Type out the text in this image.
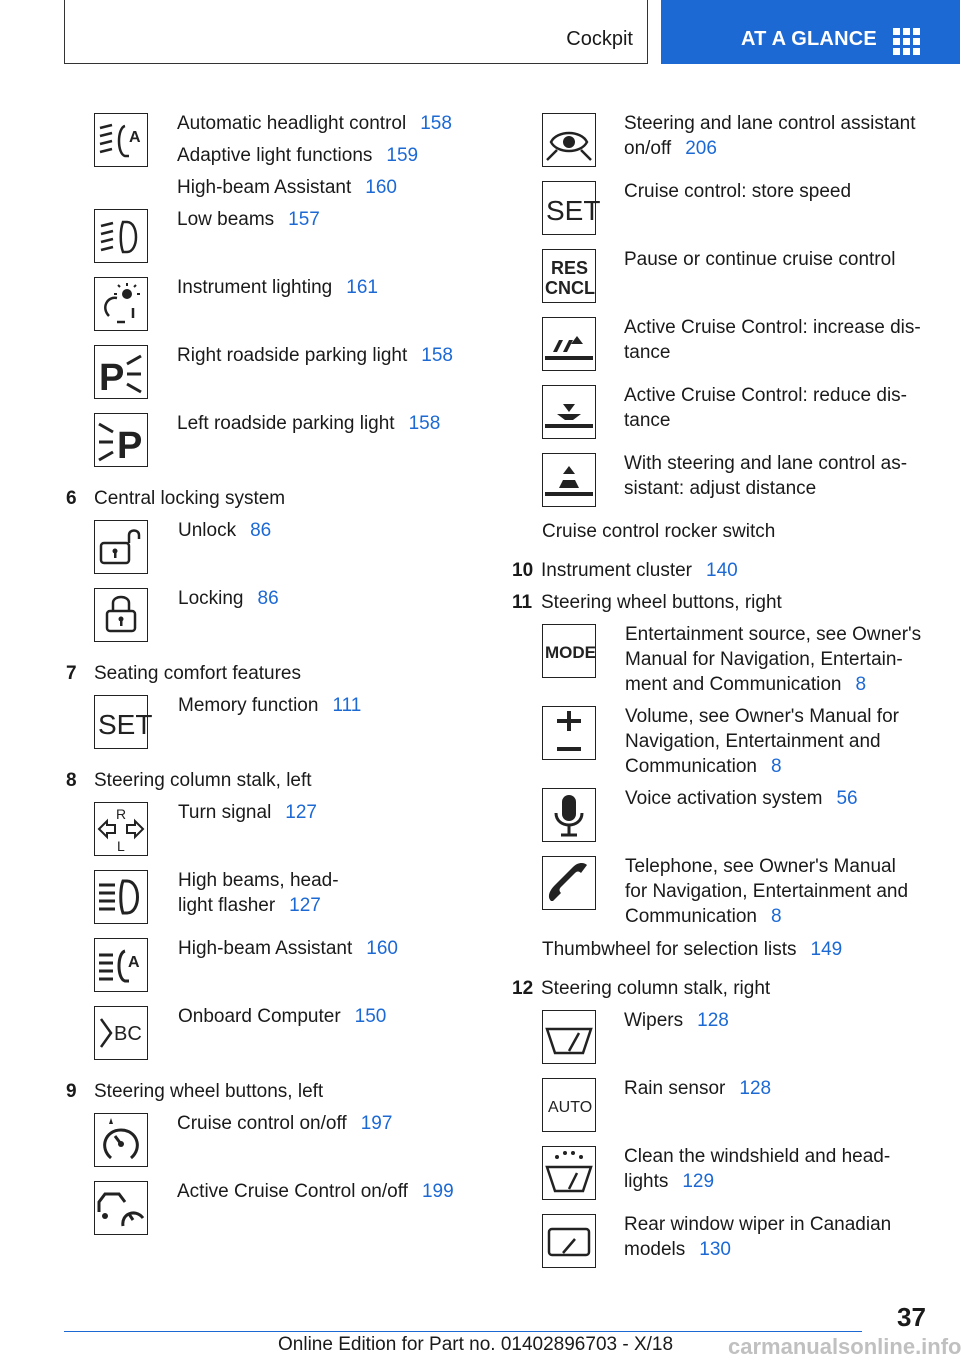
Cockpit	AT A GLANCE
A
Automatic headlight control 158
Adaptive light functions 159
High-beam Assistant 160
Low beams 157
Instrument lighting 161
P
Right roadside parking light 158
P
Left roadside parking light 158
6 Central locking system
Unlock 86
Locking 86
7 Seating comfort features
SET
Memory function 111
8 Steering column stalk, left
R
L
Turn signal 127
High beams, head-
light flasher 127
A
High-beam Assistant 160
BC
Onboard Computer 150
9 Steering wheel buttons, left
Cruise control on/off 197
Active Cruise Control on/off 199
Steering and lane control assistant
on/off 206
SET
Cruise control: store speed
RES
CNCL
Pause or continue cruise control
Active Cruise Control: increase dis-
tance
Active Cruise Control: reduce dis-
tance
With steering and lane control as-
sistant: adjust distance
Cruise control rocker switch
10 Instrument cluster 140
11 Steering wheel buttons, right
MODE
Entertainment source, see Owner's
Manual for Navigation, Entertain-
ment and Communication 8
Volume, see Owner's Manual for
Navigation, Entertainment and
Communication 8
Voice activation system 56
Telephone, see Owner's Manual
for Navigation, Entertainment and
Communication 8
Thumbwheel for selection lists 149
12 Steering column stalk, right
Wipers 128
AUTO
Rain sensor 128
Clean the windshield and head-
lights 129
Rear window wiper in Canadian
models 130
37
Online Edition for Part no. 01402896703 - X/18 carmanualsonline.info
